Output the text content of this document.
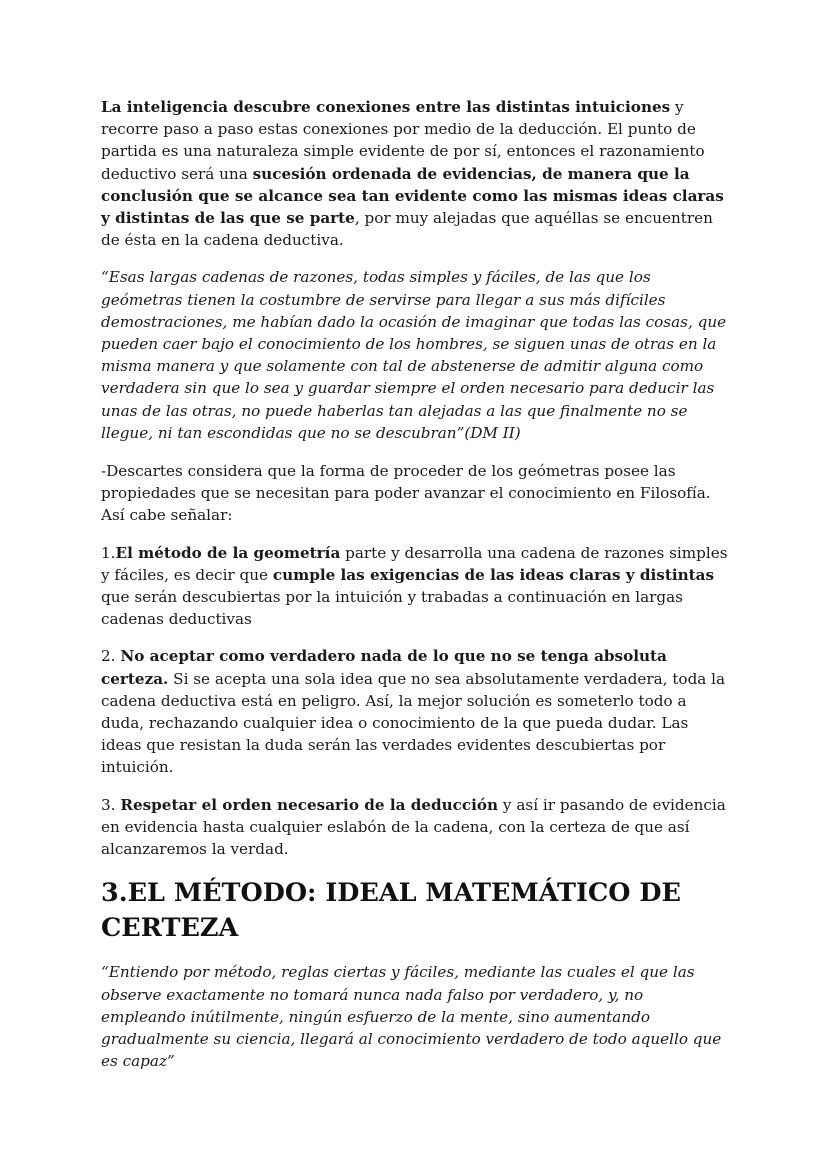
La inteligencia descubre conexiones entre las distintas intuiciones y recorre paso a paso estas conexiones por medio de la deducción. El punto de partida es una naturaleza simple evidente de por sí, entonces el razonamiento deductivo será una sucesión ordenada de evidencias, de manera que la conclusión que se alcance sea tan evidente como las mismas ideas claras y distintas de las que se parte, por muy alejadas que aquéllas se encuentren de ésta en la cadena deductiva.

“Esas largas cadenas de razones, todas simples y fáciles, de las que los geómetras tienen la costumbre de servirse para llegar a sus más difíciles demostraciones, me habían dado la ocasión de imaginar que todas las cosas, que pueden caer bajo el conocimiento de los hombres, se siguen unas de otras en la misma manera y que solamente con tal de abstenerse de admitir alguna como verdadera sin que lo sea y guardar siempre el orden necesario para deducir las unas de las otras, no puede haberlas tan alejadas a las que finalmente no se llegue, ni tan escondidas que no se descubran”(DM II)

-Descartes considera que la forma de proceder de los geómetras posee las propiedades que se necesitan para poder avanzar el conocimiento en Filosofía. Así cabe señalar:

1.El método de la geometría parte y desarrolla una cadena de razones simples y fáciles, es decir que cumple las exigencias de las ideas claras y distintas que serán descubiertas por la intuición y trabadas a continuación en largas cadenas deductivas

2. No aceptar como verdadero nada de lo que no se tenga absoluta certeza. Si se acepta una sola idea que no sea absolutamente verdadera, toda la cadena deductiva está en peligro. Así, la mejor solución es someterlo todo a duda, rechazando cualquier idea o conocimiento de la que pueda dudar. Las ideas que resistan la duda serán las verdades evidentes descubiertas por intuición.

3. Respetar el orden necesario de la deducción y así ir pasando de evidencia en evidencia hasta cualquier eslabón de la cadena, con la certeza de que así alcanzaremos la verdad.

3.EL MÉTODO: IDEAL MATEMÁTICO DE CERTEZA

“Entiendo por método, reglas ciertas y fáciles, mediante las cuales el que las observe exactamente no tomará nunca nada falso por verdadero, y, no empleando inútilmente, ningún esfuerzo de la mente, sino aumentando gradualmente su ciencia, llegará al conocimiento verdadero de todo aquello que es capaz”
